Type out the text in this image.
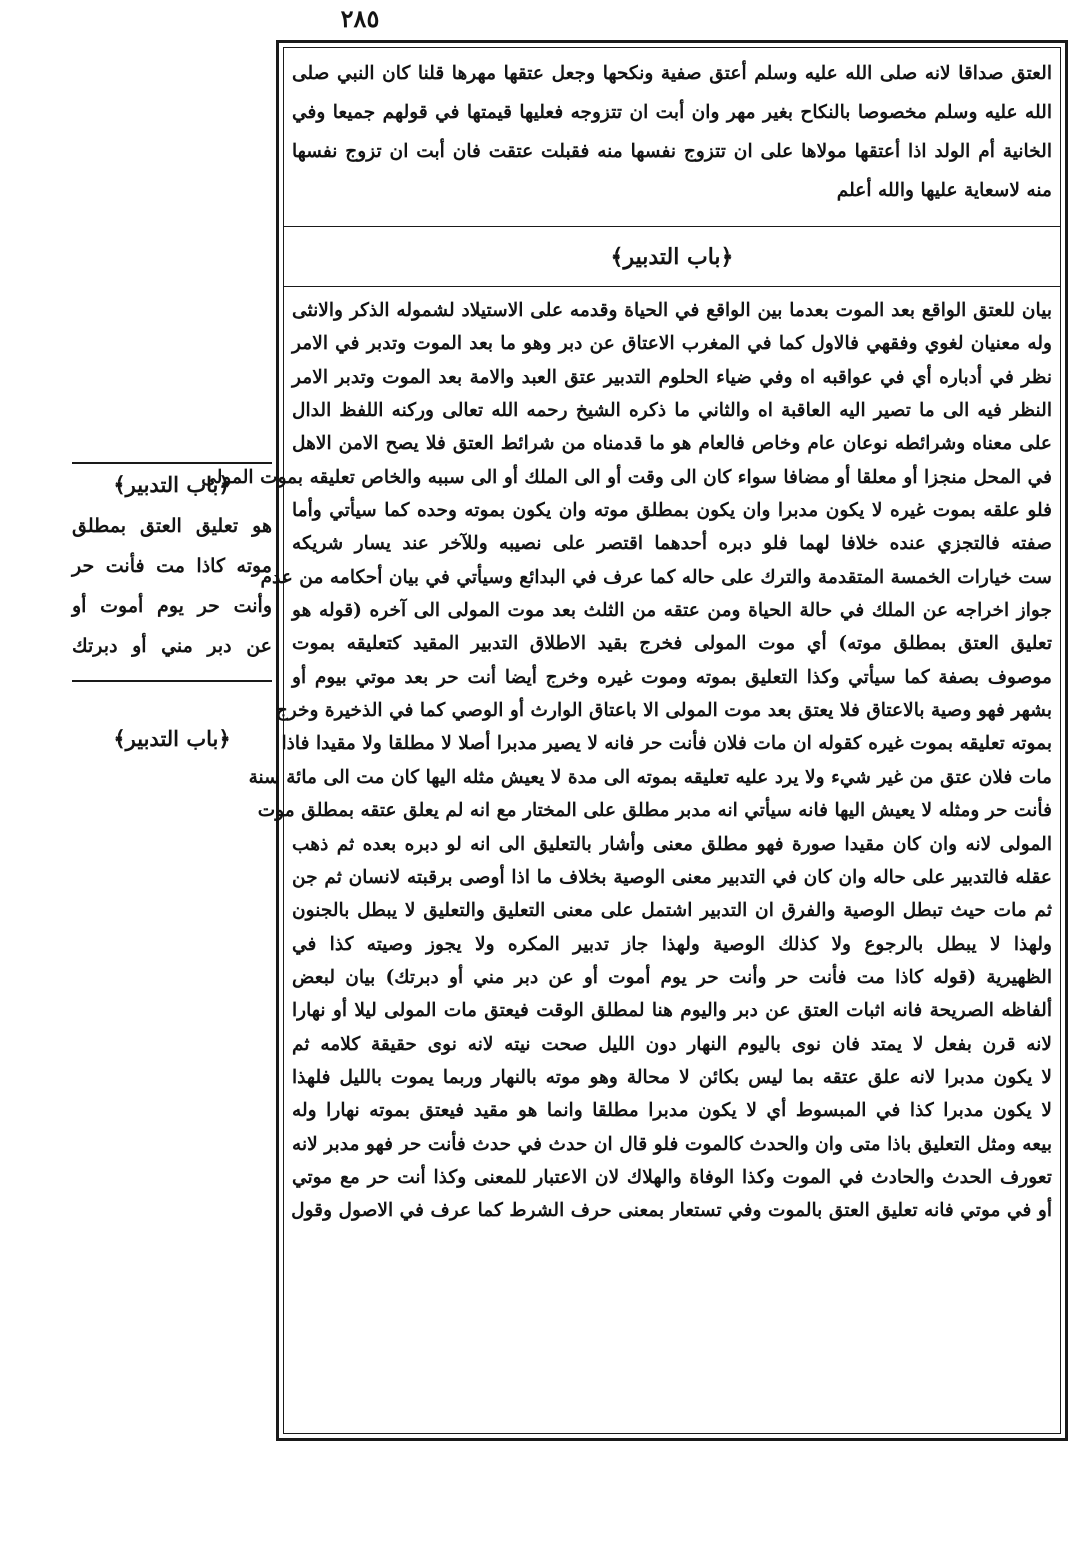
٢٨٥
العتق صداقا لانه صلى الله عليه وسلم أعتق صفية ونكحها وجعل عتقها مهرها قلنا كان النبي صلى
الله عليه وسلم مخصوصا بالنكاح بغير مهر وان أبت ان تتزوجه فعليها قيمتها في قولهم جميعا وفي
الخانية أم الولد اذا أعتقها مولاها على ان تتزوج نفسها منه فقبلت عتقت فان أبت ان تزوج نفسها
منه لاسعاية عليها والله أعلم
﴿باب التدبير﴾
بيان للعتق الواقع بعد الموت بعدما بين الواقع في الحياة وقدمه على الاستيلاد لشموله الذكر والانثى
وله معنيان لغوي وفقهي فالاول كما في المغرب الاعتاق عن دبر وهو ما بعد الموت وتدبر في الامر
نظر في أدباره أي في عواقبه اه وفي ضياء الحلوم التدبير عتق العبد والامة بعد الموت وتدبر الامر
النظر فيه الى ما تصير اليه العاقبة اه والثاني ما ذكره الشيخ رحمه الله تعالى وركنه اللفظ الدال
على معناه وشرائطه نوعان عام وخاص فالعام هو ما قدمناه من شرائط العتق فلا يصح الامن الاهل
في المحل منجزا أو معلقا أو مضافا سواء كان الى وقت أو الى الملك أو الى سببه والخاص تعليقه بموت المولى
فلو علقه بموت غيره لا يكون مدبرا وان يكون بمطلق موته وان يكون بموته وحده كما سيأتي وأما
صفته فالتجزي عنده خلافا لهما فلو دبره أحدهما اقتصر على نصيبه وللآخر عند يسار شريكه
ست خيارات الخمسة المتقدمة والترك على حاله كما عرف في البدائع وسيأتي في بيان أحكامه من عدم
جواز اخراجه عن الملك في حالة الحياة ومن عتقه من الثلث بعد موت المولى الى آخره (قوله هو
تعليق العتق بمطلق موته) أي موت المولى فخرج بقيد الاطلاق التدبير المقيد كتعليقه بموت
موصوف بصفة كما سيأتي وكذا التعليق بموته وموت غيره وخرج أيضا أنت حر بعد موتي بيوم أو
بشهر فهو وصية بالاعتاق فلا يعتق بعد موت المولى الا باعتاق الوارث أو الوصي كما في الذخيرة وخرج
بموته تعليقه بموت غيره كقوله ان مات فلان فأنت حر فانه لا يصير مدبرا أصلا لا مطلقا ولا مقيدا فاذا
مات فلان عتق من غير شيء ولا يرد عليه تعليقه بموته الى مدة لا يعيش مثله اليها كان مت الى مائة سنة
فأنت حر ومثله لا يعيش اليها فانه سيأتي انه مدبر مطلق على المختار مع انه لم يعلق عتقه بمطلق موت
المولى لانه وان كان مقيدا صورة فهو مطلق معنى وأشار بالتعليق الى انه لو دبره بعده ثم ذهب
عقله فالتدبير على حاله وان كان في التدبير معنى الوصية بخلاف ما اذا أوصى برقبته لانسان ثم جن
ثم مات حيث تبطل الوصية والفرق ان التدبير اشتمل على معنى التعليق والتعليق لا يبطل بالجنون
ولهذا لا يبطل بالرجوع ولا كذلك الوصية ولهذا جاز تدبير المكره ولا يجوز وصيته كذا في
الظهيرية (قوله كاذا مت فأنت حر وأنت حر يوم أموت أو عن دبر مني أو دبرتك) بيان لبعض
ألفاظه الصريحة فانه اثبات العتق عن دبر واليوم هنا لمطلق الوقت فيعتق مات المولى ليلا أو نهارا
لانه قرن بفعل لا يمتد فان نوى باليوم النهار دون الليل صحت نيته لانه نوى حقيقة كلامه ثم
لا يكون مدبرا لانه علق عتقه بما ليس بكائن لا محالة وهو موته بالنهار وربما يموت بالليل فلهذا
لا يكون مدبرا كذا في المبسوط أي لا يكون مدبرا مطلقا وانما هو مقيد فيعتق بموته نهارا وله
بيعه ومثل التعليق باذا متى وان والحدث كالموت فلو قال ان حدث في حدث فأنت حر فهو مدبر لانه
تعورف الحدث والحادث في الموت وكذا الوفاة والهلاك لان الاعتبار للمعنى وكذا أنت حر مع موتي
أو في موتي فانه تعليق العتق بالموت وفي تستعار بمعنى حرف الشرط كما عرف في الاصول وقول
﴿باب التدبير﴾
هو تعليق العتق بمطلق
موته كاذا مت فأنت حر
وأنت حر يوم أموت أو
عن دبر مني أو دبرتك
﴿باب التدبير﴾
